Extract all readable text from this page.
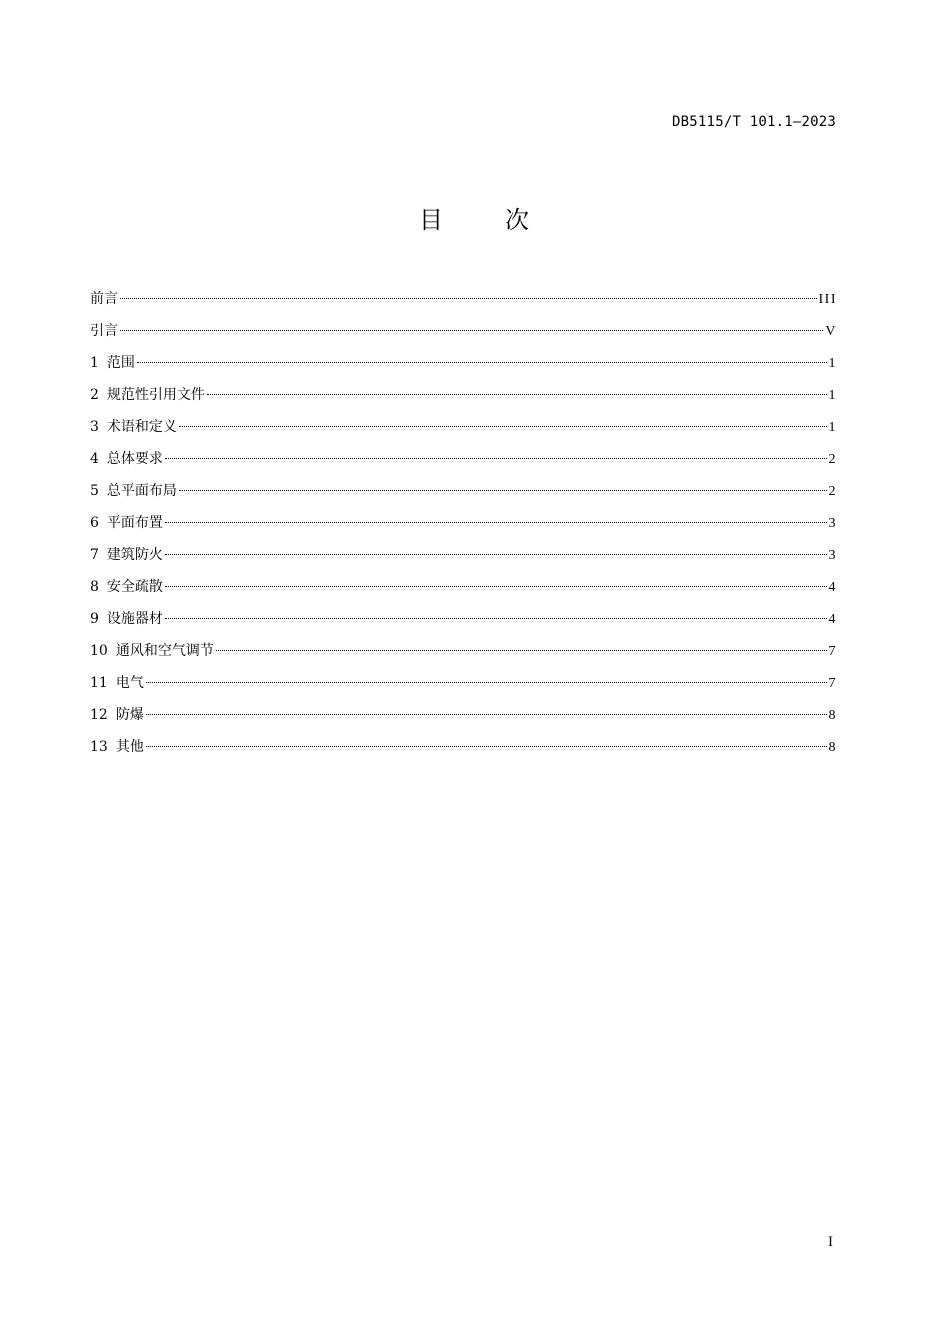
DB5115/T 101.1—2023
目	次
前言	III
引言	V
1 范围	1
2 规范性引用文件	1
3 术语和定义	1
4 总体要求	2
5 总平面布局	2
6 平面布置	3
7 建筑防火	3
8 安全疏散	4
9 设施器材	4
10 通风和空气调节	7
11 电气	7
12 防爆	8
13 其他	8
I
